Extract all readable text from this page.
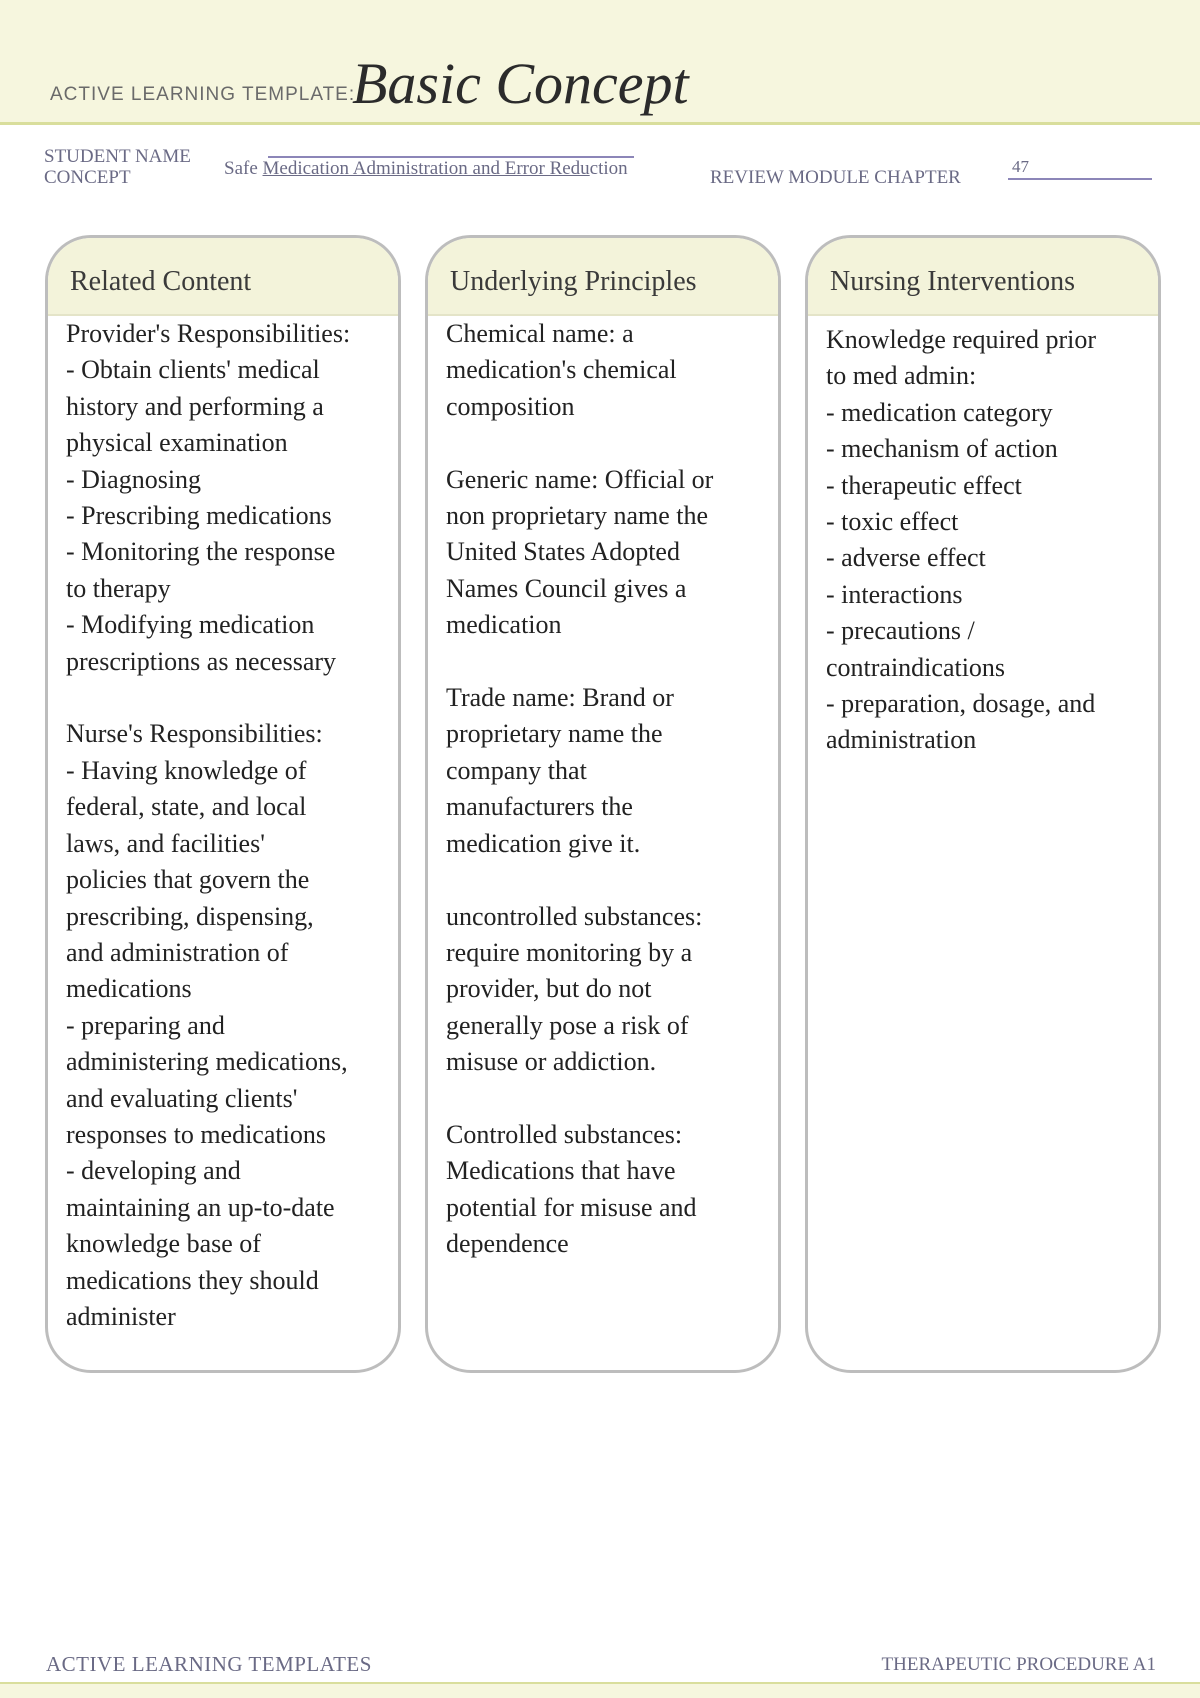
ACTIVE LEARNING TEMPLATE:
Basic Concept
STUDENT NAME
CONCEPT	Safe Medication Administration and Error Reduction	REVIEW MODULE CHAPTER
47
Related Content
Provider's Responsibilities:
- Obtain clients' medical
history and performing a
physical examination
- Diagnosing
- Prescribing medications
- Monitoring the response
to therapy
- Modifying medication
prescriptions as necessary

Nurse's Responsibilities:
- Having knowledge of
federal, state, and local
laws, and facilities'
policies that govern the
prescribing, dispensing,
and administration of
medications
- preparing and
administering medications,
and evaluating clients'
responses to medications
- developing and
maintaining an up-to-date
knowledge base of
medications they should
administer
Underlying Principles
Chemical name: a
medication's chemical
composition

Generic name: Official or
non proprietary name the
United States Adopted
Names Council gives a
medication

Trade name: Brand or
proprietary name the
company that
manufacturers the
medication give it.

uncontrolled substances:
require monitoring by a
provider, but do not
generally pose a risk of
misuse or addiction.

Controlled substances:
Medications that have
potential for misuse and
dependence
Nursing Interventions
Knowledge required prior
to med admin:
- medication category
- mechanism of action
- therapeutic effect
- toxic effect
- adverse effect
- interactions
- precautions /
contraindications
- preparation, dosage, and
administration
ACTIVE LEARNING TEMPLATES	THERAPEUTIC PROCEDURE A1
